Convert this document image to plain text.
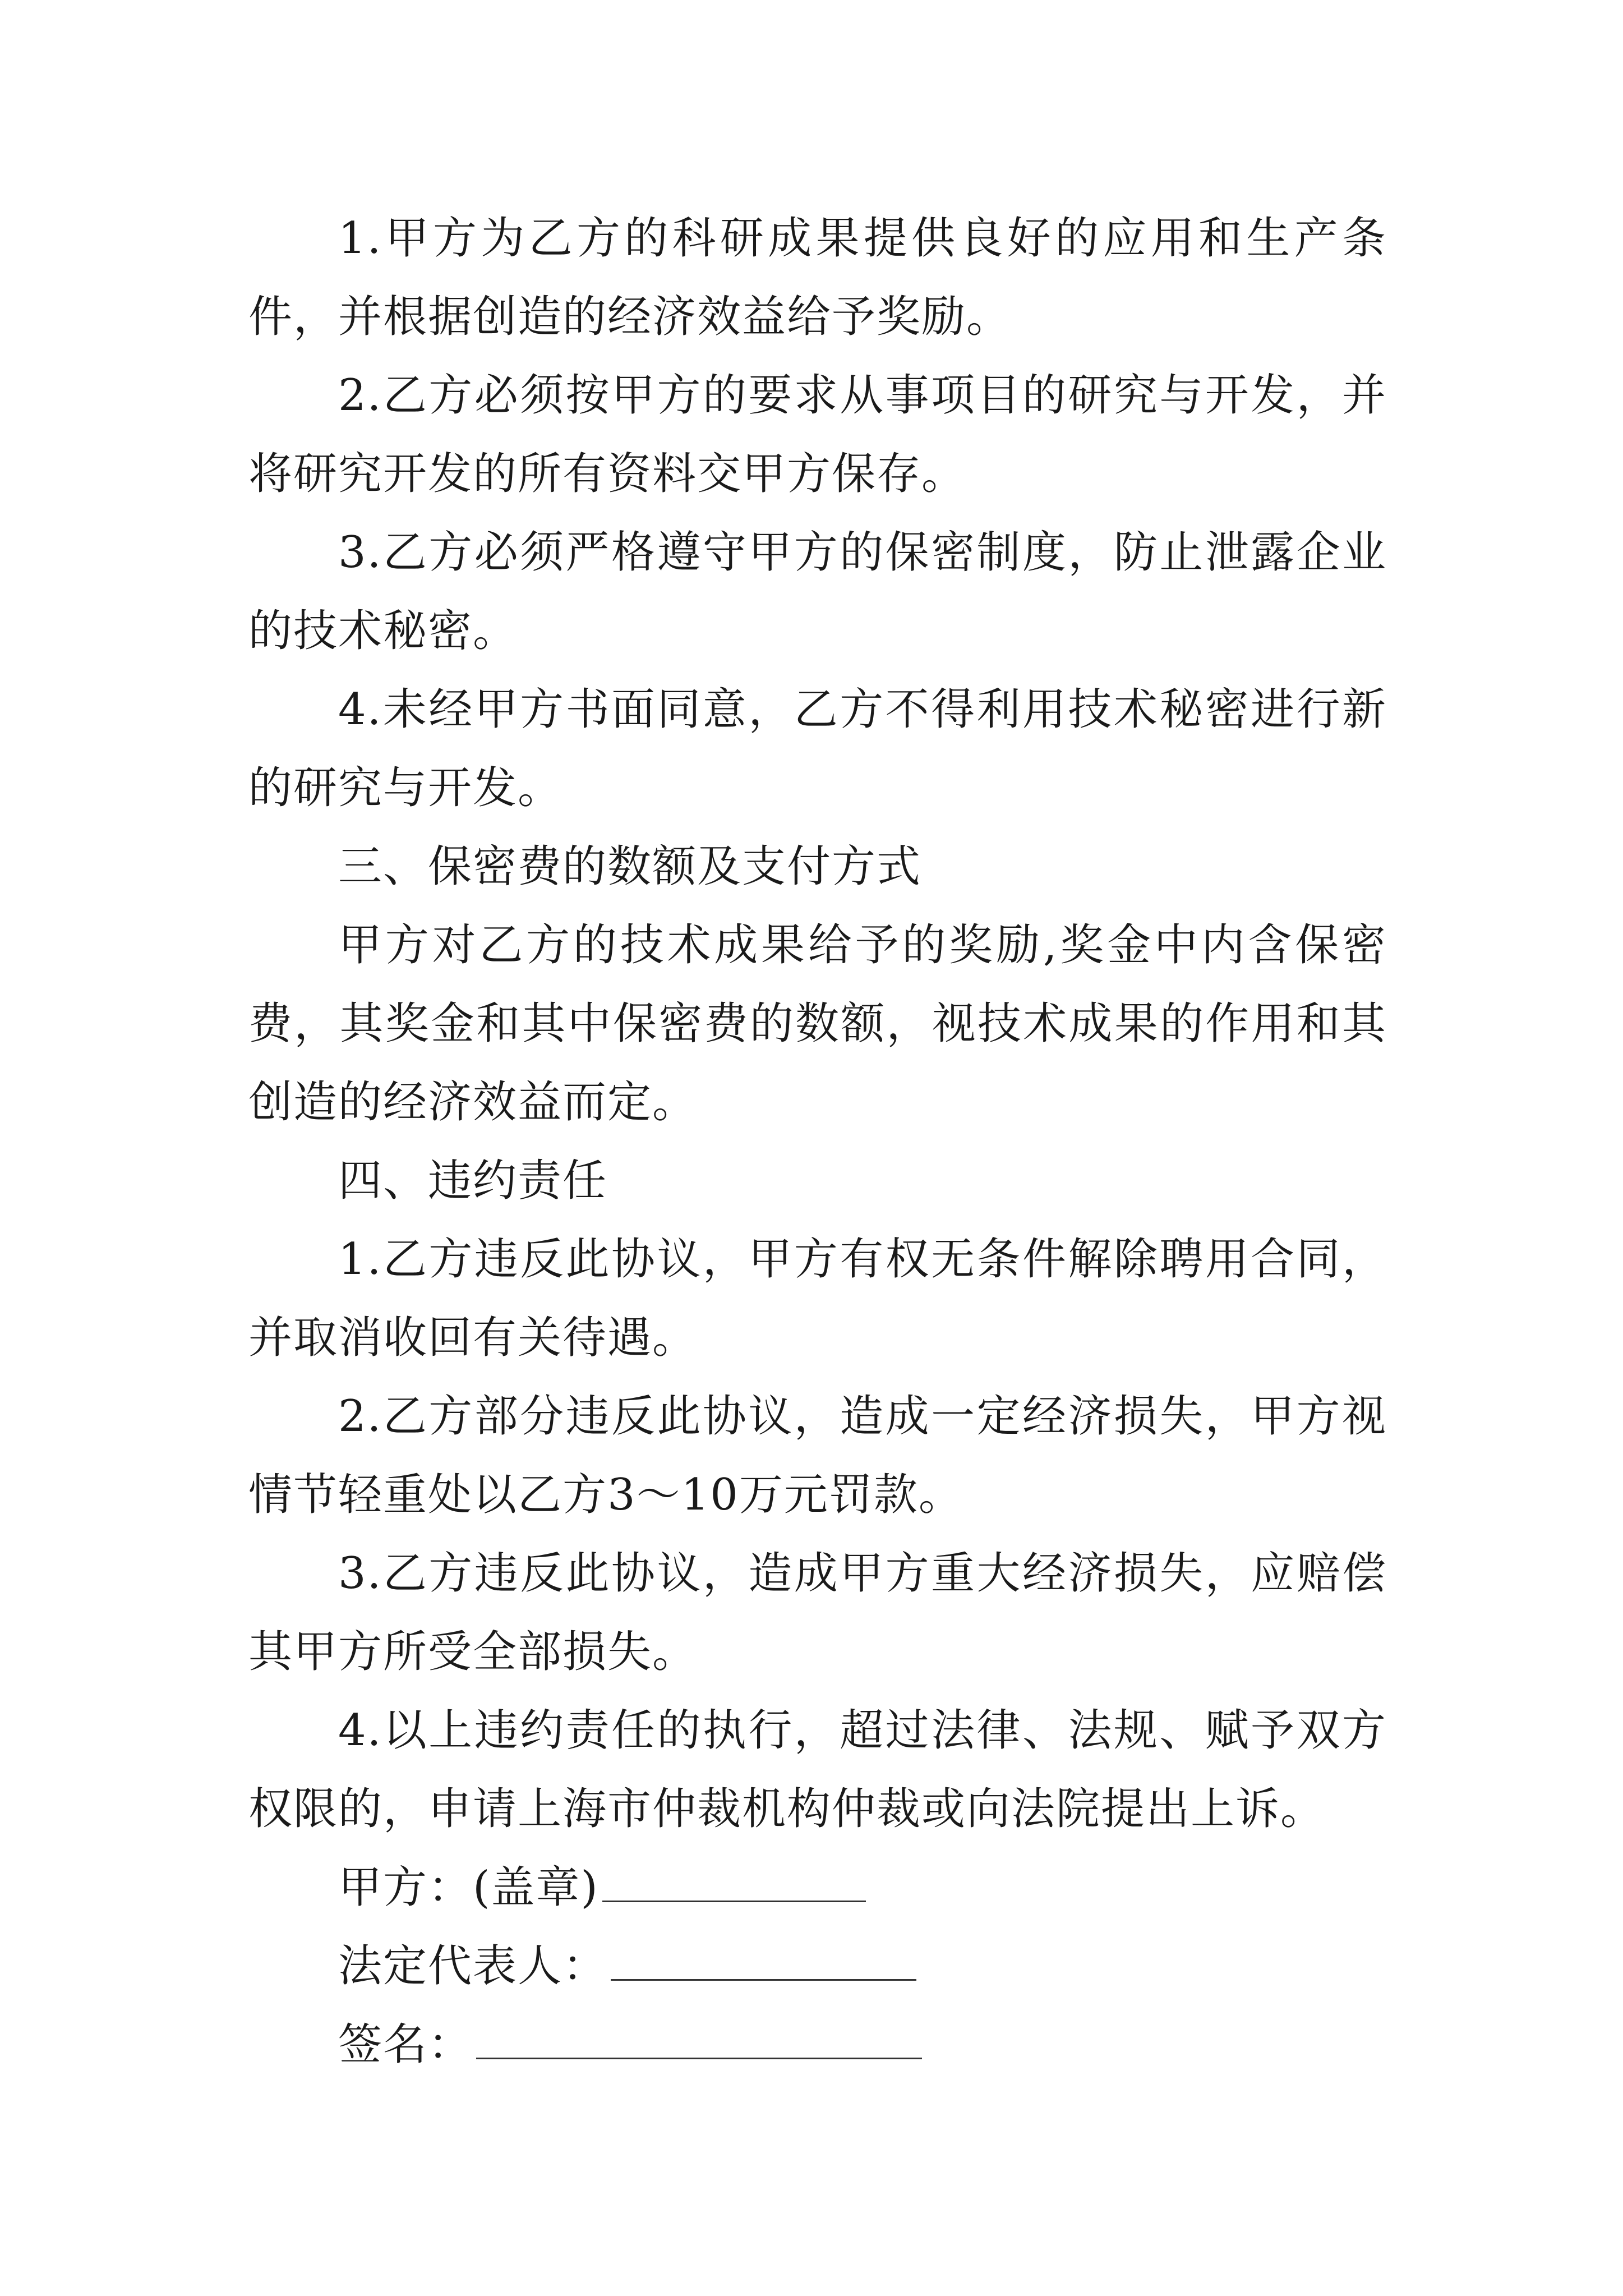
1.甲方为乙方的科研成果提供良好的应用和生产条件，并根据创造的经济效益给予奖励。

2.乙方必须按甲方的要求从事项目的研究与开发，并将研究开发的所有资料交甲方保存。

3.乙方必须严格遵守甲方的保密制度，防止泄露企业的技术秘密。

4.未经甲方书面同意，乙方不得利用技术秘密进行新的研究与开发。

三、保密费的数额及支付方式

甲方对乙方的技术成果给予的奖励,奖金中内含保密费，其奖金和其中保密费的数额，视技术成果的作用和其创造的经济效益而定。

四、违约责任

1.乙方违反此协议，甲方有权无条件解除聘用合同，并取消收回有关待遇。

2.乙方部分违反此协议，造成一定经济损失，甲方视情节轻重处以乙方3～10万元罚款。

3.乙方违反此协议，造成甲方重大经济损失，应赔偿其甲方所受全部损失。

4.以上违约责任的执行，超过法律、法规、赋予双方权限的，申请上海市仲裁机构仲裁或向法院提出上诉。

甲方：(盖章)
法定代表人：
签名：
